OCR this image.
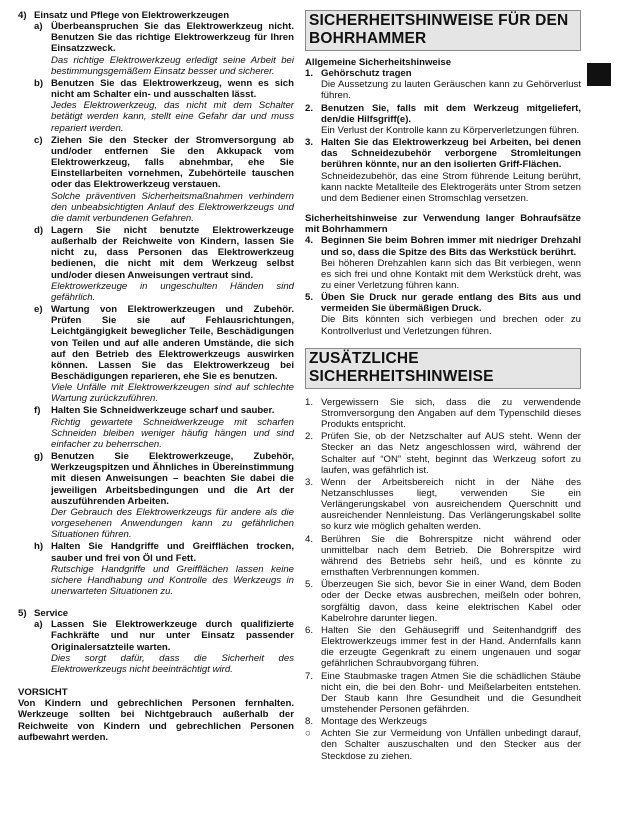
4) Einsatz und Pflege von Elektrowerkzeugen
a) Überbeanspruchen Sie das Elektrowerkzeug nicht. Benutzen Sie das richtige Elektrowerkzeug für Ihren Einsatzzweck.
Das richtige Elektrowerkzeug erledigt seine Arbeit bei bestimmungsgemäßem Einsatz besser und sicherer.
b) Benutzen Sie das Elektrowerkzeug, wenn es sich nicht am Schalter ein- und ausschalten lässt.
Jedes Elektrowerkzeug, das nicht mit dem Schalter betätigt werden kann, stellt eine Gefahr dar und muss repariert werden.
c) Ziehen Sie den Stecker der Stromversorgung ab und/oder entfernen Sie den Akkupack vom Elektrowerkzeug, falls abnehmbar, ehe Sie Einstellarbeiten vornehmen, Zubehörteile tauschen oder das Elektrowerkzeug verstauen.
Solche präventiven Sicherheitsmaßnahmen verhindern den unbeabsichtigten Anlauf des Elektrowerkzeugs und die damit verbundenen Gefahren.
d) Lagern Sie nicht benutzte Elektrowerkzeuge außerhalb der Reichweite von Kindern, lassen Sie nicht zu, dass Personen das Elektrowerkzeug bedienen, die nicht mit dem Werkzeug selbst und/oder diesen Anweisungen vertraut sind.
Elektrowerkzeuge in ungeschulten Händen sind gefährlich.
e) Wartung von Elektrowerkzeugen und Zubehör. Prüfen Sie sie auf Fehlausrichtungen, Leichtgängigkeit beweglicher Teile, Beschädigungen von Teilen und auf alle anderen Umstände, die sich auf den Betrieb des Elektrowerkzeugs auswirken können. Lassen Sie das Elektrowerkzeug bei Beschädigungen reparieren, ehe Sie es benutzen.
Viele Unfälle mit Elektrowerkzeugen sind auf schlechte Wartung zurückzuführen.
f) Halten Sie Schneidwerkzeuge scharf und sauber.
Richtig gewartete Schneidwerkzeuge mit scharfen Schneiden bleiben weniger häufig hängen und sind einfacher zu beherrschen.
g) Benutzen Sie Elektrowerkzeuge, Zubehör, Werkzeugspitzen und Ähnliches in Übereinstimmung mit diesen Anweisungen – beachten Sie dabei die jeweiligen Arbeitsbedingungen und die Art der auszuführenden Arbeiten.
Der Gebrauch des Elektrowerkzeugs für andere als die vorgesehenen Anwendungen kann zu gefährlichen Situationen führen.
h) Halten Sie Handgriffe und Greifflächen trocken, sauber und frei von Öl und Fett.
Rutschige Handgriffe und Greifflächen lassen keine sichere Handhabung und Kontrolle des Werkzeugs in unerwarteten Situationen zu.
5) Service
a) Lassen Sie Elektrowerkzeuge durch qualifizierte Fachkräfte und nur unter Einsatz passender Originalersatzteile warten.
Dies sorgt dafür, dass die Sicherheit des Elektrowerkzeugs nicht beeinträchtigt wird.
VORSICHT
Von Kindern und gebrechlichen Personen fernhalten. Werkzeuge sollten bei Nichtgebrauch außerhalb der Reichweite von Kindern und gebrechlichen Personen aufbewahrt werden.
SICHERHEITSHINWEISE FÜR DEN BOHRHAMMER
Allgemeine Sicherheitshinweise
1. Gehörschutz tragen
Die Aussetzung zu lauten Geräuschen kann zu Gehörverlust führen.
2. Benutzen Sie, falls mit dem Werkzeug mitgeliefert, den/die Hilfsgriff(e).
Ein Verlust der Kontrolle kann zu Körperverletzungen führen.
3. Halten Sie das Elektrowerkzeug bei Arbeiten, bei denen das Schneidezubehör verborgene Stromleitungen berühren könnte, nur an den isolierten Griff-Flächen.
Schneidezubehör, das eine Strom führende Leitung berührt, kann nackte Metallteile des Elektrogeräts unter Strom setzen und dem Bediener einen Stromschlag versetzen.
Sicherheitshinweise zur Verwendung langer Bohraufsätze mit Bohrhammern
4. Beginnen Sie beim Bohren immer mit niedriger Drehzahl und so, dass die Spitze des Bits das Werkstück berührt.
Bei höheren Drehzahlen kann sich das Bit verbiegen, wenn es sich frei und ohne Kontakt mit dem Werkstück dreht, was zu einer Verletzung führen kann.
5. Üben Sie Druck nur gerade entlang des Bits aus und vermeiden Sie übermäßigen Druck.
Die Bits könnten sich verbiegen und brechen oder zu Kontrollverlust und Verletzungen führen.
ZUSÄTZLICHE SICHERHEITSHINWEISE
1. Vergewissern Sie sich, dass die zu verwendende Stromversorgung den Angaben auf dem Typenschild dieses Produkts entspricht.
2. Prüfen Sie, ob der Netzschalter auf AUS steht. Wenn der Stecker an das Netz angeschlossen wird, während der Schalter auf “ON” steht, beginnt das Werkzeug sofort zu laufen, was gefährlich ist.
3. Wenn der Arbeitsbereich nicht in der Nähe des Netzanschlusses liegt, verwenden Sie ein Verlängerungskabel von ausreichendem Querschnitt und ausreichender Nennleistung. Das Verlängerungskabel sollte so kurz wie möglich gehalten werden.
4. Berühren Sie die Bohrerspitze nicht während oder unmittelbar nach dem Betrieb. Die Bohrerspitze wird während des Betriebs sehr heiß, und es könnte zu ernsthaften Verbrennungen kommen.
5. Überzeugen Sie sich, bevor Sie in einer Wand, dem Boden oder der Decke etwas ausbrechen, meißeln oder bohren, sorgfältig davon, dass keine elektrischen Kabel oder Kabelrohre darunter liegen.
6. Halten Sie den Gehäusegriff und Seitenhandgriff des Elektrowerkzeugs immer fest in der Hand. Andernfalls kann die erzeugte Gegenkraft zu einem ungenauen und sogar gefährlichen Schraubvorgang führen.
7. Eine Staubmaske tragen Atmen Sie die schädlichen Stäube nicht ein, die bei den Bohr- und Meißelarbeiten entstehen. Der Staub kann Ihre Gesundheit und die Gesundheit umstehender Personen gefährden.
8. Montage des Werkzeugs
○ Achten Sie zur Vermeidung von Unfällen unbedingt darauf, den Schalter auszuschalten und den Stecker aus der Steckdose zu ziehen.
